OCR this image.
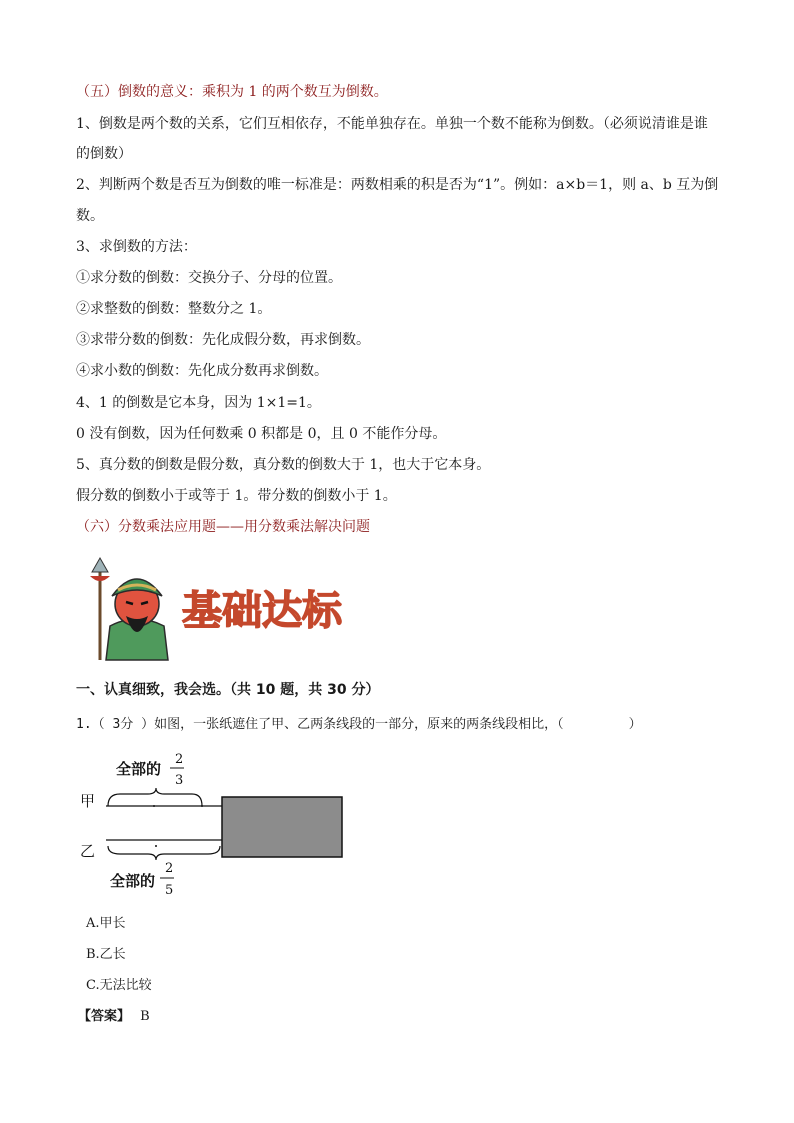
（五）倒数的意义：乘积为 1 的两个数互为倒数。
1、倒数是两个数的关系，它们互相依存，不能单独存在。单独一个数不能称为倒数。（必须说清谁是谁
的倒数）
2、判断两个数是否互为倒数的唯一标准是：两数相乘的积是否为“1”。例如：a×b＝1，则 a、b 互为倒
数。
3、求倒数的方法：
①求分数的倒数：交换分子、分母的位置。
②求整数的倒数：整数分之 1。
③求带分数的倒数：先化成假分数，再求倒数。
④求小数的倒数：先化成分数再求倒数。
4、1 的倒数是它本身，因为 1×1=1。
0 没有倒数，因为任何数乘 0 积都是 0，且 0 不能作分母。
5、真分数的倒数是假分数，真分数的倒数大于 1，也大于它本身。
假分数的倒数小于或等于 1。带分数的倒数小于 1。
（六）分数乘法应用题——用分数乘法解决问题
基础达标
一、认真细致，我会选。（共 10 题，共 30 分）
1.（ 3分 ）如图，一张纸遮住了甲、乙两条线段的一部分，原来的两条线段相比，（　　　　　）
全部的
2
3
甲
乙
全部的
2
5
A.甲长
B.乙长
C.无法比较
【答案】 B
